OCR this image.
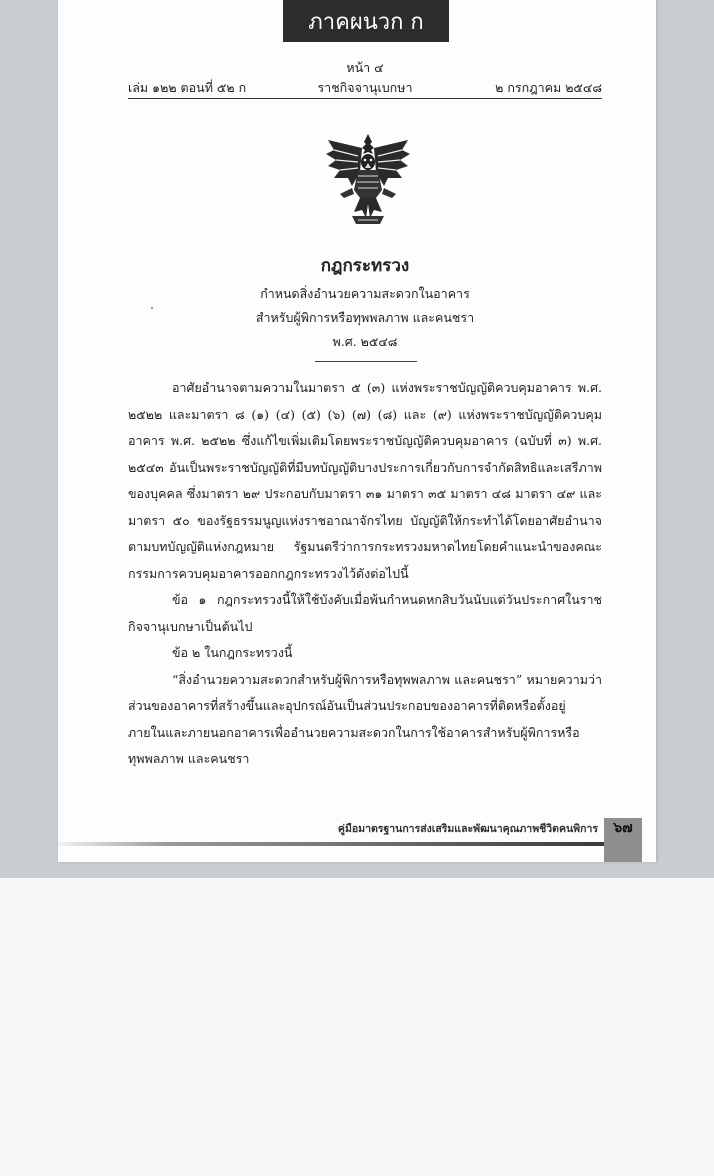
ภาคผนวก ก
หน้า ๔
เล่ม ๑๒๒ ตอนที่ ๕๒ ก	ราชกิจจานุเบกษา	๒ กรกฎาคม ๒๕๔๘
กฎกระทรวง
กำหนดสิ่งอำนวยความสะดวกในอาคาร
สำหรับผู้พิการหรือทุพพลภาพ และคนชรา
พ.ศ. ๒๕๔๘

อาศัยอำนาจตามความในมาตรา ๕ (๓) แห่งพระราชบัญญัติควบคุมอาคาร พ.ศ. ๒๕๒๒ และมาตรา ๘ (๑) (๔) (๕) (๖) (๗) (๘) และ (๙) แห่งพระราชบัญญัติควบคุมอาคาร พ.ศ. ๒๕๒๒ ซึ่งแก้ไขเพิ่มเติมโดยพระราชบัญญัติควบคุมอาคาร (ฉบับที่ ๓) พ.ศ. ๒๕๔๓ อันเป็นพระราชบัญญัติที่มีบทบัญญัติบางประการเกี่ยวกับการจำกัดสิทธิและเสรีภาพของบุคคล ซึ่งมาตรา ๒๙ ประกอบกับมาตรา ๓๑ มาตรา ๓๕ มาตรา ๔๘ มาตรา ๔๙ และมาตรา ๕๐ ของรัฐธรรมนูญแห่งราชอาณาจักรไทย บัญญัติให้กระทำได้โดยอาศัยอำนาจตามบทบัญญัติแห่งกฎหมาย รัฐมนตรีว่าการกระทรวงมหาดไทยโดยคำแนะนำของคณะกรรมการควบคุมอาคารออกกฎกระทรวงไว้ดังต่อไปนี้

ข้อ ๑ กฎกระทรวงนี้ให้ใช้บังคับเมื่อพ้นกำหนดหกสิบวันนับแต่วันประกาศในราชกิจจานุเบกษาเป็นต้นไป

ข้อ ๒ ในกฎกระทรวงนี้

“สิ่งอำนวยความสะดวกสำหรับผู้พิการหรือทุพพลภาพ และคนชรา” หมายความว่า ส่วนของอาคารที่สร้างขึ้นและอุปกรณ์อันเป็นส่วนประกอบของอาคารที่ติดหรือตั้งอยู่ภายในและภายนอกอาคารเพื่ออำนวยความสะดวกในการใช้อาคารสำหรับผู้พิการหรือทุพพลภาพ และคนชรา

คู่มือมาตรฐานการส่งเสริมและพัฒนาคุณภาพชีวิตคนพิการ	๖๗
